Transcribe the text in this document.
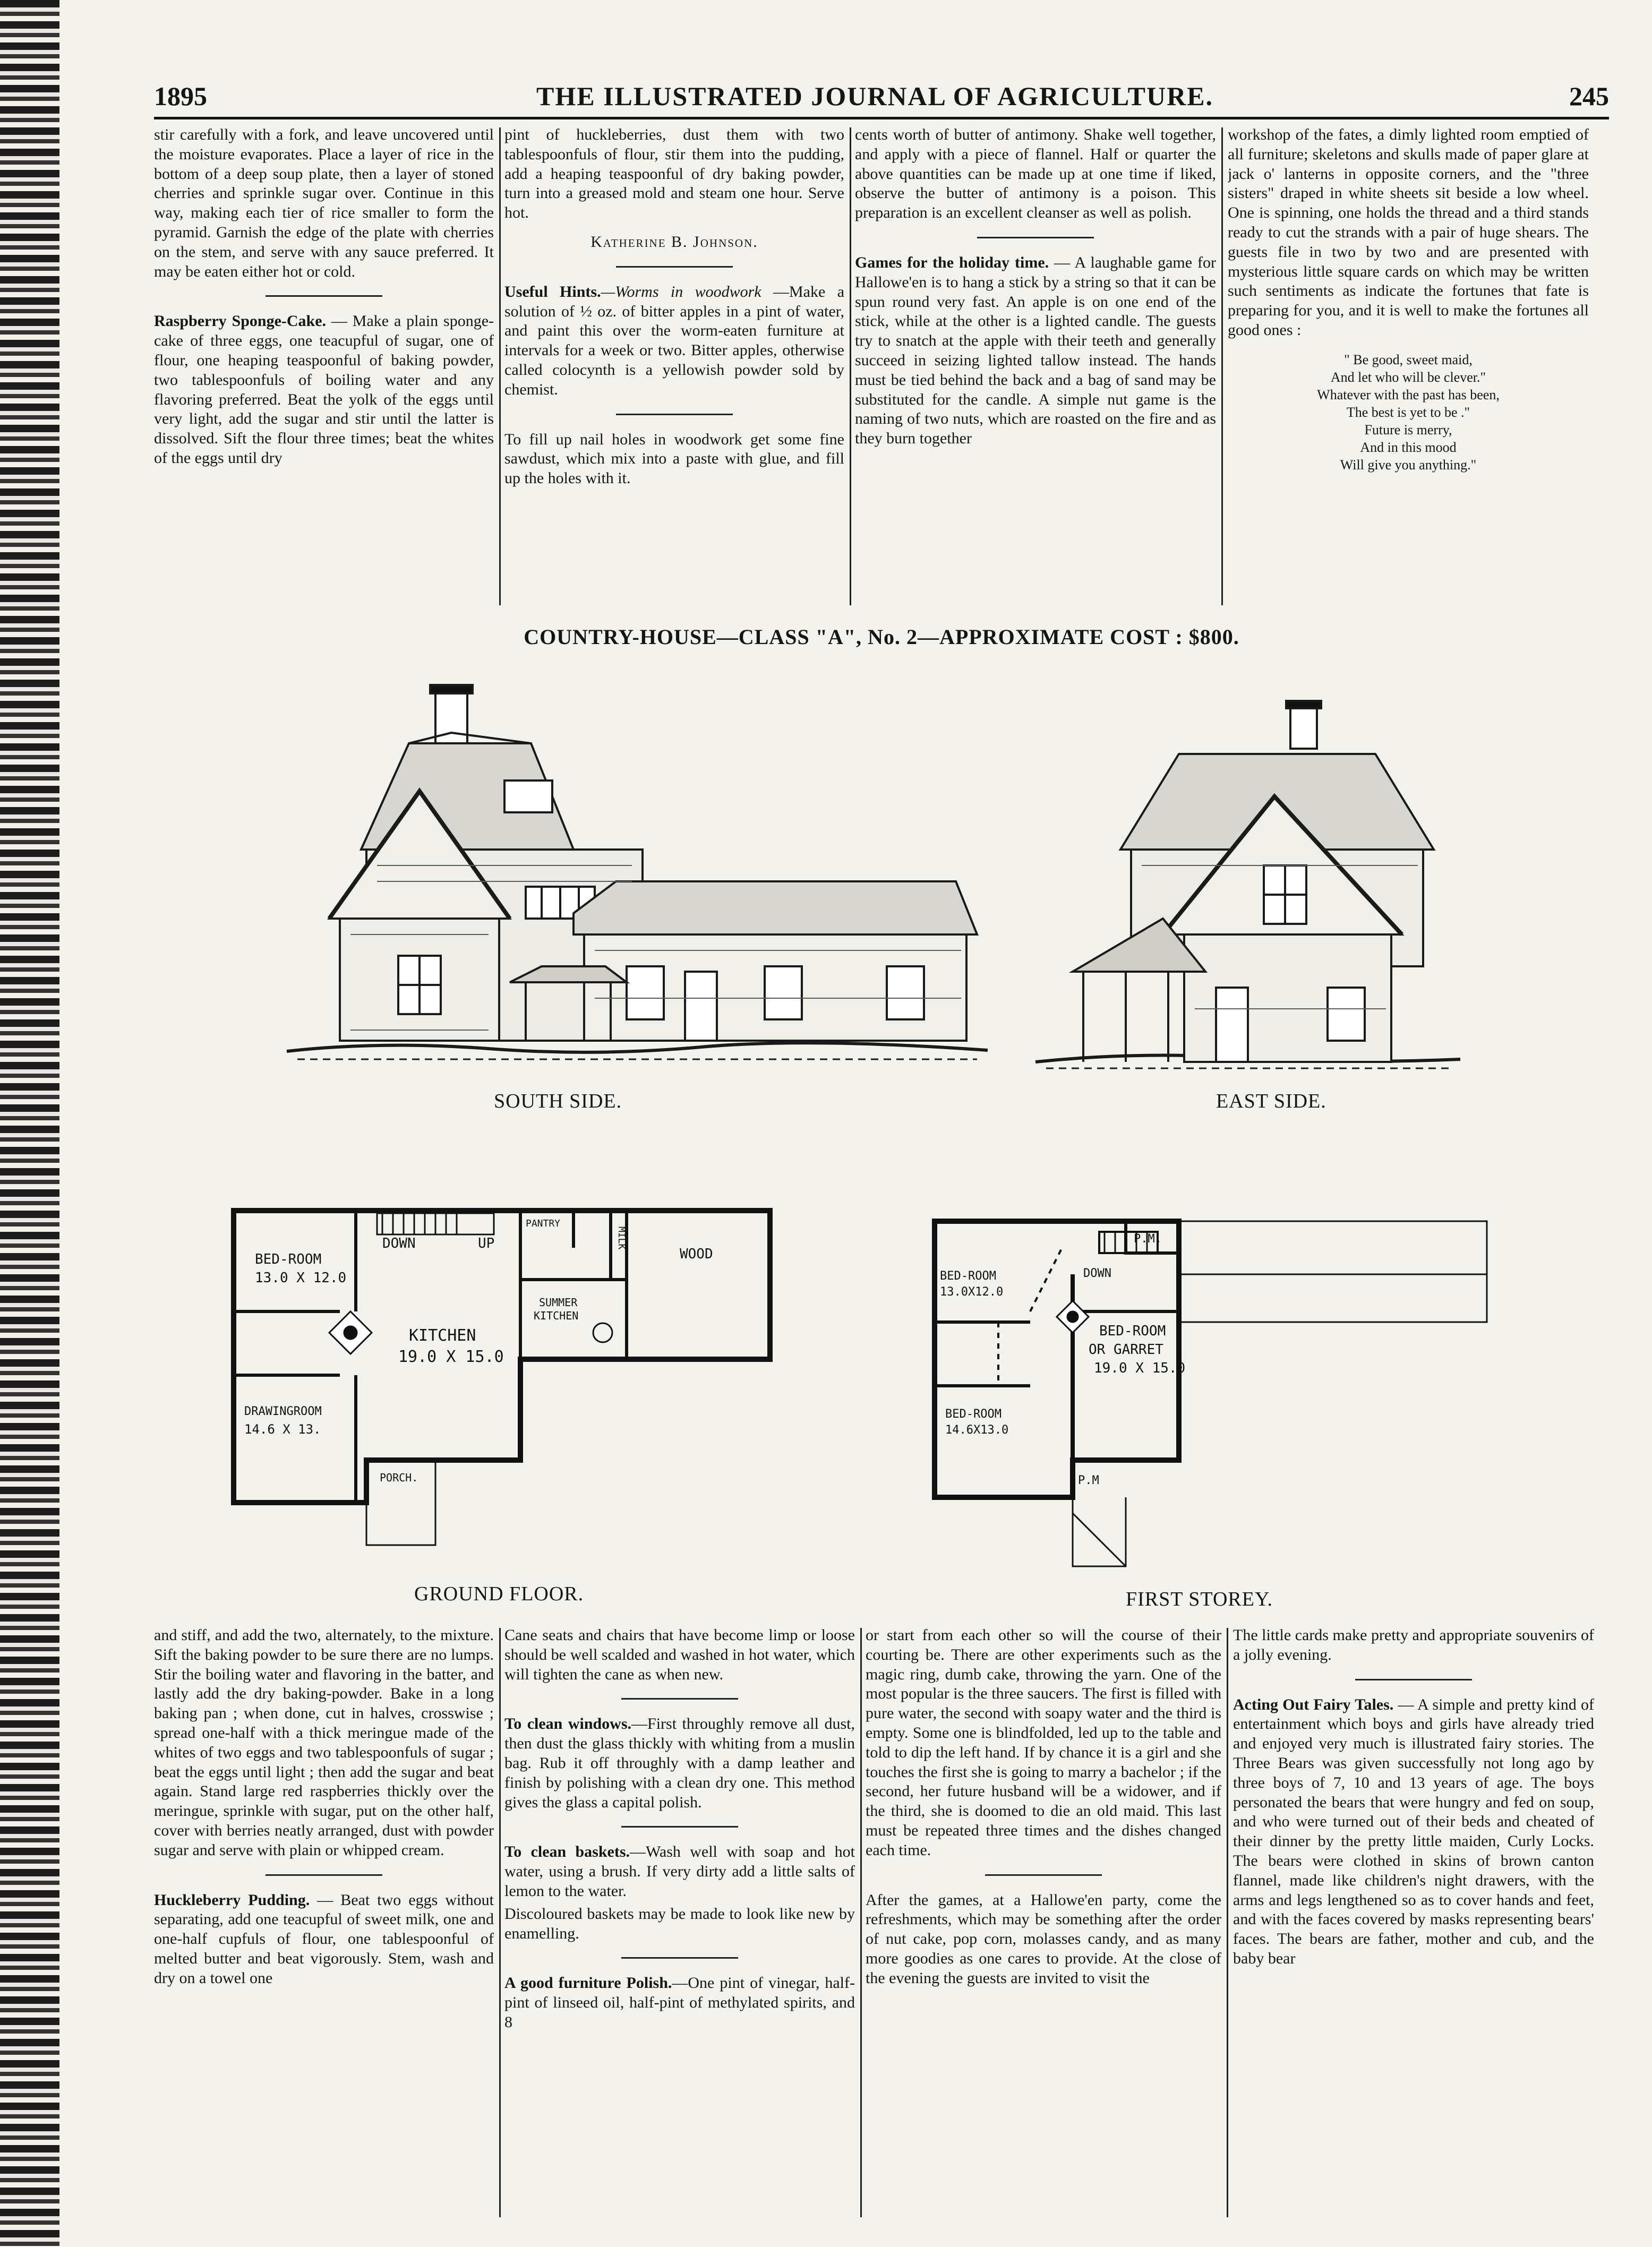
1895	THE ILLUSTRATED JOURNAL OF AGRICULTURE.	245

stir carefully with a fork, and leave uncovered until the moisture evaporates. Place a layer of rice in the bottom of a deep soup plate, then a layer of stoned cherries and sprinkle sugar over. Continue in this way, making each tier of rice smaller to form the pyramid. Garnish the edge of the plate with cherries on the stem, and serve with any sauce preferred. It may be eaten either hot or cold.

Raspberry Sponge-Cake. — Make a plain sponge-cake of three eggs, one teacupful of sugar, one of flour, one heaping teaspoonful of baking powder, two tablespoonfuls of boiling water and any flavoring preferred. Beat the yolk of the eggs until very light, add the sugar and stir until the latter is dissolved. Sift the flour three times; beat the whites of the eggs until dry

pint of huckleberries, dust them with two tablespoonfuls of flour, stir them into the pudding, add a heaping teaspoonful of dry baking powder, turn into a greased mold and steam one hour. Serve hot.

Katherine B. Johnson.

Useful Hints.—Worms in woodwork —Make a solution of ½ oz. of bitter apples in a pint of water, and paint this over the worm-eaten furniture at intervals for a week or two. Bitter apples, otherwise called colocynth is a yellowish powder sold by chemist.

To fill up nail holes in woodwork get some fine sawdust, which mix into a paste with glue, and fill up the holes with it.

cents worth of butter of antimony. Shake well together, and apply with a piece of flannel. Half or quarter the above quantities can be made up at one time if liked, observe the butter of antimony is a poison. This preparation is an excellent cleanser as well as polish.

Games for the holiday time. — A laughable game for Hallowe'en is to hang a stick by a string so that it can be spun round very fast. An apple is on one end of the stick, while at the other is a lighted candle. The guests try to snatch at the apple with their teeth and generally succeed in seizing lighted tallow instead. The hands must be tied behind the back and a bag of sand may be substituted for the candle. A simple nut game is the naming of two nuts, which are roasted on the fire and as they burn together

workshop of the fates, a dimly lighted room emptied of all furniture; skeletons and skulls made of paper glare at jack o' lanterns in opposite corners, and the "three sisters" draped in white sheets sit beside a low wheel. One is spinning, one holds the thread and a third stands ready to cut the strands with a pair of huge shears. The guests file in two by two and are presented with mysterious little square cards on which may be written such sentiments as indicate the fortunes that fate is preparing for you, and it is well to make the fortunes all good ones :

" Be good, sweet maid,
And let who will be clever."
Whatever with the past has been,
The best is yet to be ."
Future is merry,
And in this mood
Will give you anything."
COUNTRY-HOUSE—CLASS "A", No. 2—APPROXIMATE COST : $800.
SOUTH SIDE.	EAST SIDE.
BED-ROOM
13.0 X 12.0
DOWN	UP
PANTRY
MILK
WOOD
KITCHEN
19.0 X 15.0
SUMMER
KITCHEN
DRAWINGROOM
14.6 X 13.
PORCH.
GROUND FLOOR.
P.M.
BED-ROOM
13.0X12.0
DOWN
BED-ROOM
OR GARRET
19.0 X 15.0
BED-ROOM
14.6X13.0
P.M
FIRST STOREY.

and stiff, and add the two, alternately, to the mixture. Sift the baking powder to be sure there are no lumps. Stir the boiling water and flavoring in the batter, and lastly add the dry baking-powder. Bake in a long baking pan ; when done, cut in halves, crosswise ; spread one-half with a thick meringue made of the whites of two eggs and two tablespoonfuls of sugar ; beat the eggs until light ; then add the sugar and beat again. Stand large red raspberries thickly over the meringue, sprinkle with sugar, put on the other half, cover with berries neatly arranged, dust with powder sugar and serve with plain or whipped cream.

Huckleberry Pudding. — Beat two eggs without separating, add one teacupful of sweet milk, one and one-half cupfuls of flour, one tablespoonful of melted butter and beat vigorously. Stem, wash and dry on a towel one

Cane seats and chairs that have become limp or loose should be well scalded and washed in hot water, which will tighten the cane as when new.

To clean windows.—First throughly remove all dust, then dust the glass thickly with whiting from a muslin bag. Rub it off throughly with a damp leather and finish by polishing with a clean dry one. This method gives the glass a capital polish.

To clean baskets.—Wash well with soap and hot water, using a brush. If very dirty add a little salts of lemon to the water.

Discoloured baskets may be made to look like new by enamelling.

A good furniture Polish.—One pint of vinegar, half-pint of linseed oil, half-pint of methylated spirits, and 8

or start from each other so will the course of their courting be. There are other experiments such as the magic ring, dumb cake, throwing the yarn. One of the most popular is the three saucers. The first is filled with pure water, the second with soapy water and the third is empty. Some one is blindfolded, led up to the table and told to dip the left hand. If by chance it is a girl and she touches the first she is going to marry a bachelor ; if the second, her future husband will be a widower, and if the third, she is doomed to die an old maid. This last must be repeated three times and the dishes changed each time.

After the games, at a Hallowe'en party, come the refreshments, which may be something after the order of nut cake, pop corn, molasses candy, and as many more goodies as one cares to provide. At the close of the evening the guests are invited to visit the

The little cards make pretty and appropriate souvenirs of a jolly evening.

Acting Out Fairy Tales. — A simple and pretty kind of entertainment which boys and girls have already tried and enjoyed very much is illustrated fairy stories. The Three Bears was given successfully not long ago by three boys of 7, 10 and 13 years of age. The boys personated the bears that were hungry and fed on soup, and who were turned out of their beds and cheated of their dinner by the pretty little maiden, Curly Locks. The bears were clothed in skins of brown canton flannel, made like children's night drawers, with the arms and legs lengthened so as to cover hands and feet, and with the faces covered by masks representing bears' faces. The bears are father, mother and cub, and the baby bear
